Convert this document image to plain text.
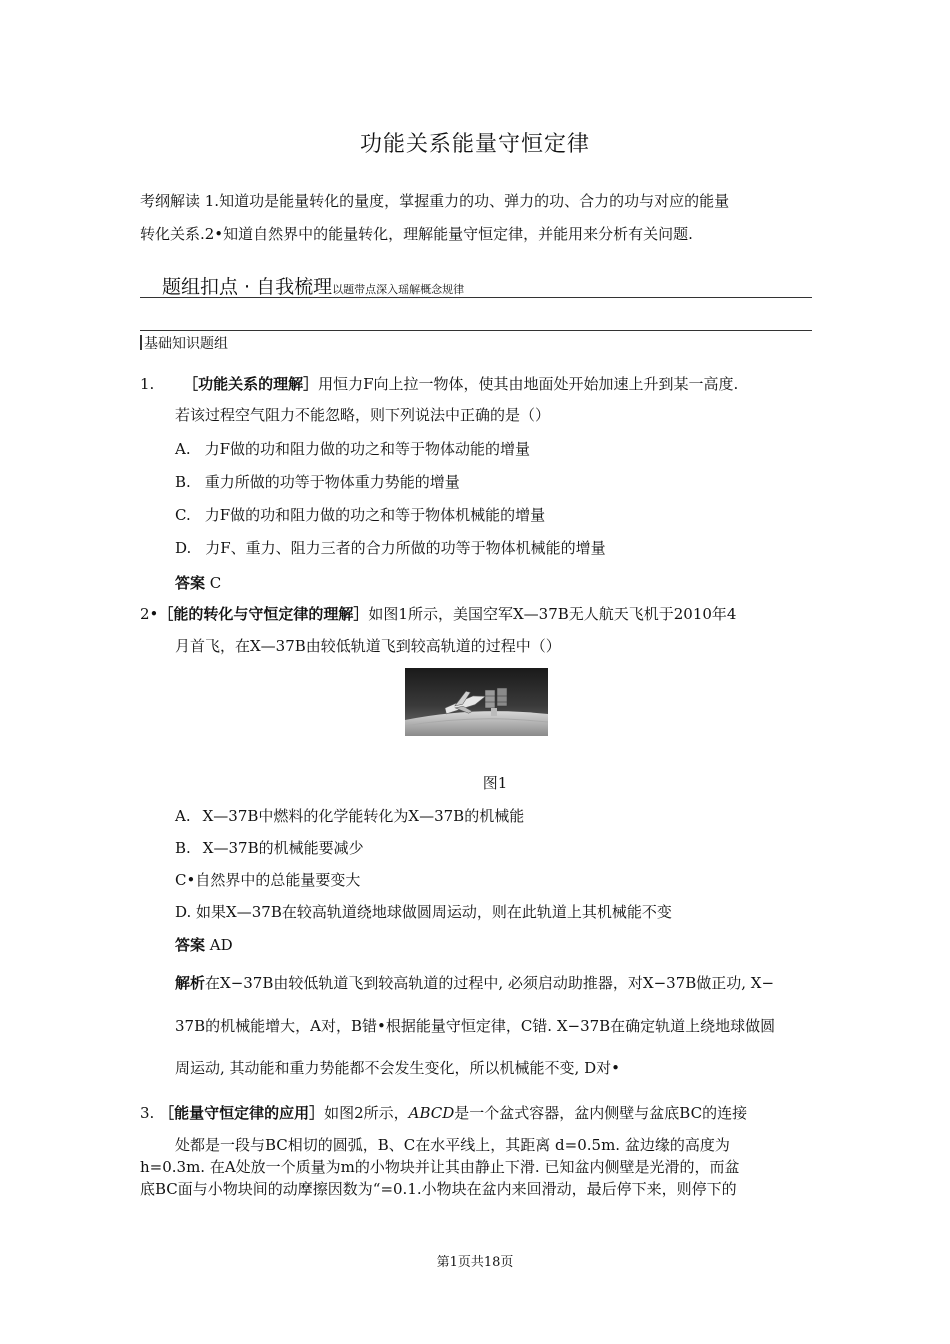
功能关系能量守恒定律
考纲解读 1.知道功是能量转化的量度，掌握重力的功、弹力的功、合力的功与对应的能量
转化关系.2•知道自然界中的能量转化，理解能量守恒定律，并能用来分析有关问题.
题组扣点 · 自我梳理以题带点深入瑶解概念规律
基础知识题组
1. ［功能关系的理解］用恒力F向上拉一物体，使其由地面处开始加速上升到某一高度.
若该过程空气阻力不能忽略，则下列说法中正确的是（）
A. 力F做的功和阻力做的功之和等于物体动能的增量
B. 重力所做的功等于物体重力势能的增量
C. 力F做的功和阻力做的功之和等于物体机械能的增量
D. 力F、重力、阻力三者的合力所做的功等于物体机械能的增量
答案 C
2•［能的转化与守恒定律的理解］如图1所示，美国空军X—37B无人航天飞机于2010年4
月首飞，在X—37B由较低轨道飞到较高轨道的过程中（）
图1
A. X—37B中燃料的化学能转化为X—37B的机械能
B. X—37B的机械能要减少
C•自然界中的总能量要变大
D. 如果X—37B在较高轨道绕地球做圆周运动，则在此轨道上其机械能不变
答案 AD
解析在X−37B由较低轨道飞到较高轨道的过程中, 必须启动助推器，对X−37B做正功, X−
37B的机械能增大，A对，B错•根据能量守恒定律，C错. X−37B在确定轨道上绕地球做圆
周运动, 其动能和重力势能都不会发生变化，所以机械能不变, D对•
3. ［能量守恒定律的应用］如图2所示，ABCD是一个盆式容器，盆内侧壁与盆底BC的连接
处都是一段与BC相切的圆弧，B、C在水平线上，其距离 d=0.5m. 盆边缘的高度为
h=0.3m. 在A处放一个质量为m的小物块并让其由静止下滑. 已知盆内侧壁是光滑的，而盆
底BC面与小物块间的动摩擦因数为“=0.1.小物块在盆内来回滑动，最后停下来，则停下的
第1页共18页
